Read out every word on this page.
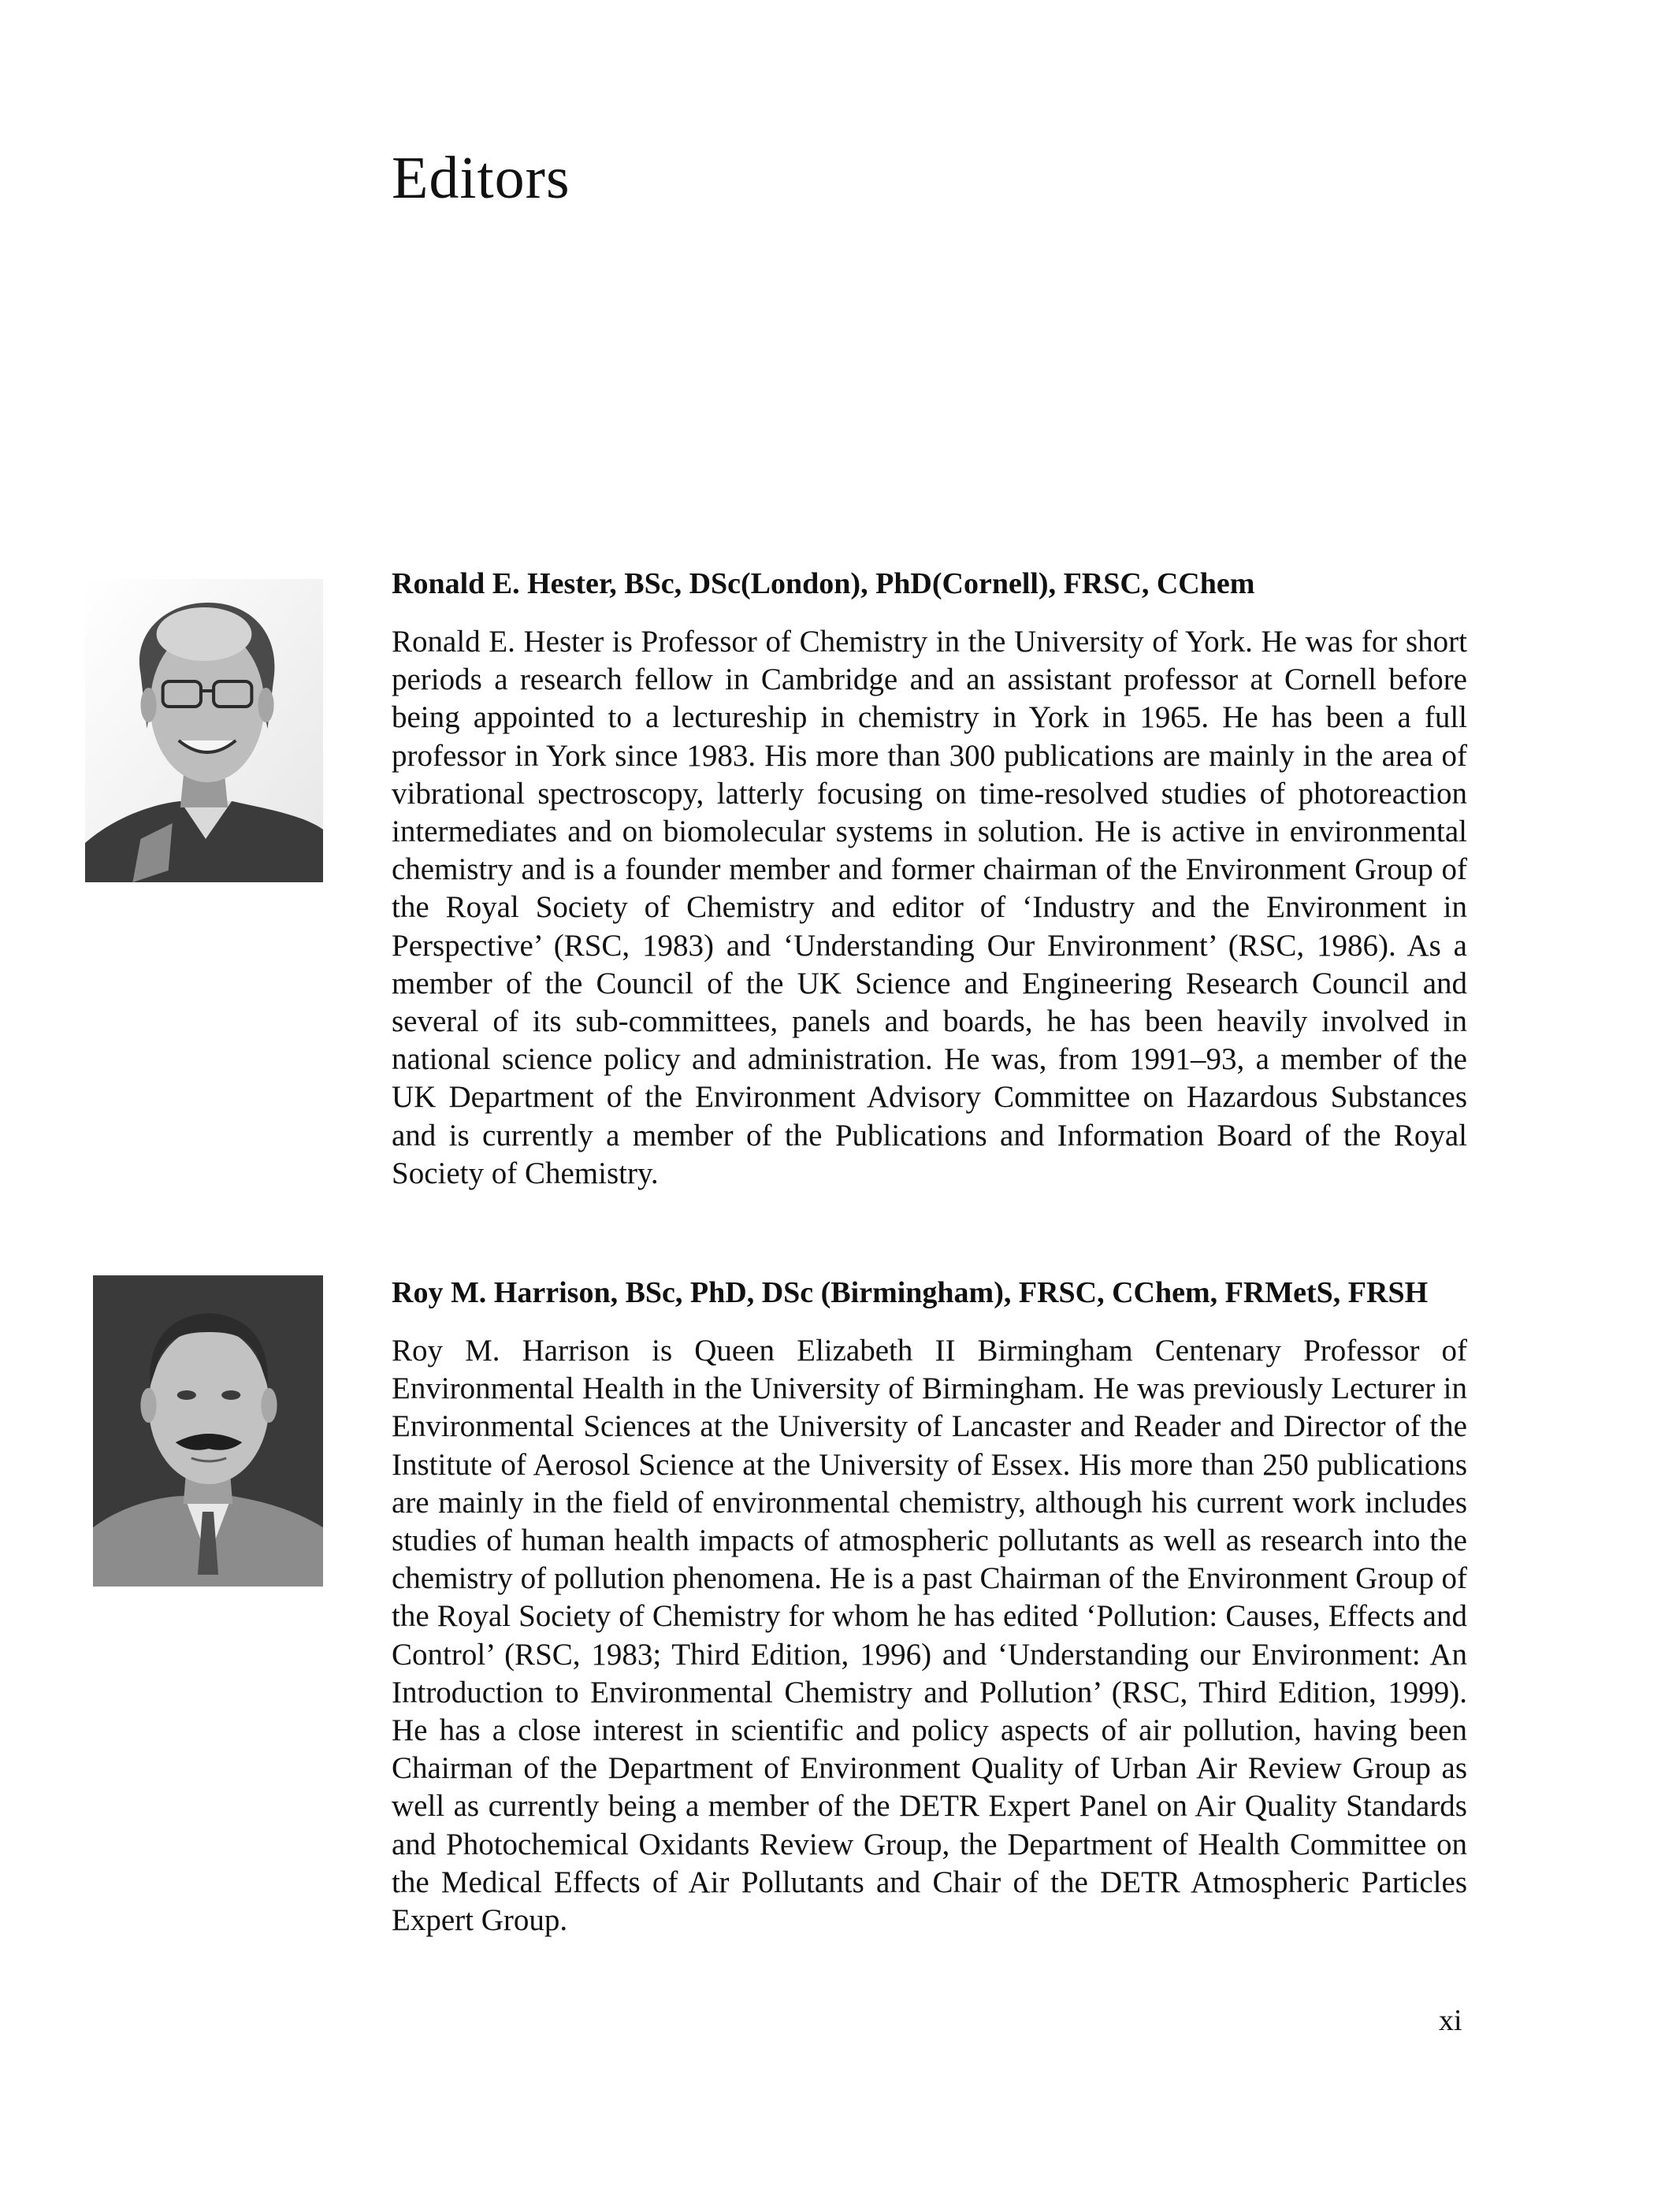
Editors
Ronald E. Hester, BSc, DSc(London), PhD(Cornell), FRSC, CChem

Ronald E. Hester is Professor of Chemistry in the University of York. He was for short periods a research fellow in Cambridge and an assistant professor at Cornell before being appointed to a lectureship in chemistry in York in 1965. He has been a full professor in York since 1983. His more than 300 publications are mainly in the area of vibrational spectroscopy, latterly focusing on time-resolved studies of photoreaction intermediates and on biomolecular systems in solution. He is active in environmental chemistry and is a founder member and former chairman of the Environment Group of the Royal Society of Chemistry and editor of ‘Industry and the Environment in Perspective’ (RSC, 1983) and ‘Understanding Our Environment’ (RSC, 1986). As a member of the Council of the UK Science and Engineering Research Council and several of its sub-committees, panels and boards, he has been heavily involved in national science policy and administration. He was, from 1991–93, a member of the UK Department of the Environment Advisory Committee on Hazardous Substances and is currently a member of the Publications and Information Board of the Royal Society of Chemistry.

Roy M. Harrison, BSc, PhD, DSc (Birmingham), FRSC, CChem, FRMetS, FRSH

Roy M. Harrison is Queen Elizabeth II Birmingham Centenary Professor of Environmental Health in the University of Birmingham. He was previously Lecturer in Environmental Sciences at the University of Lancaster and Reader and Director of the Institute of Aerosol Science at the University of Essex. His more than 250 publications are mainly in the field of environmental chemistry, although his current work includes studies of human health impacts of atmospheric pollutants as well as research into the chemistry of pollution phenomena. He is a past Chairman of the Environment Group of the Royal Society of Chemistry for whom he has edited ‘Pollution: Causes, Effects and Control’ (RSC, 1983; Third Edition, 1996) and ‘Understanding our Environment: An Introduction to Environmental Chemistry and Pollution’ (RSC, Third Edition, 1999). He has a close interest in scientific and policy aspects of air pollution, having been Chairman of the Department of Environment Quality of Urban Air Review Group as well as currently being a member of the DETR Expert Panel on Air Quality Standards and Photochemical Oxidants Review Group, the Department of Health Committee on the Medical Effects of Air Pollutants and Chair of the DETR Atmospheric Particles Expert Group.

xi
